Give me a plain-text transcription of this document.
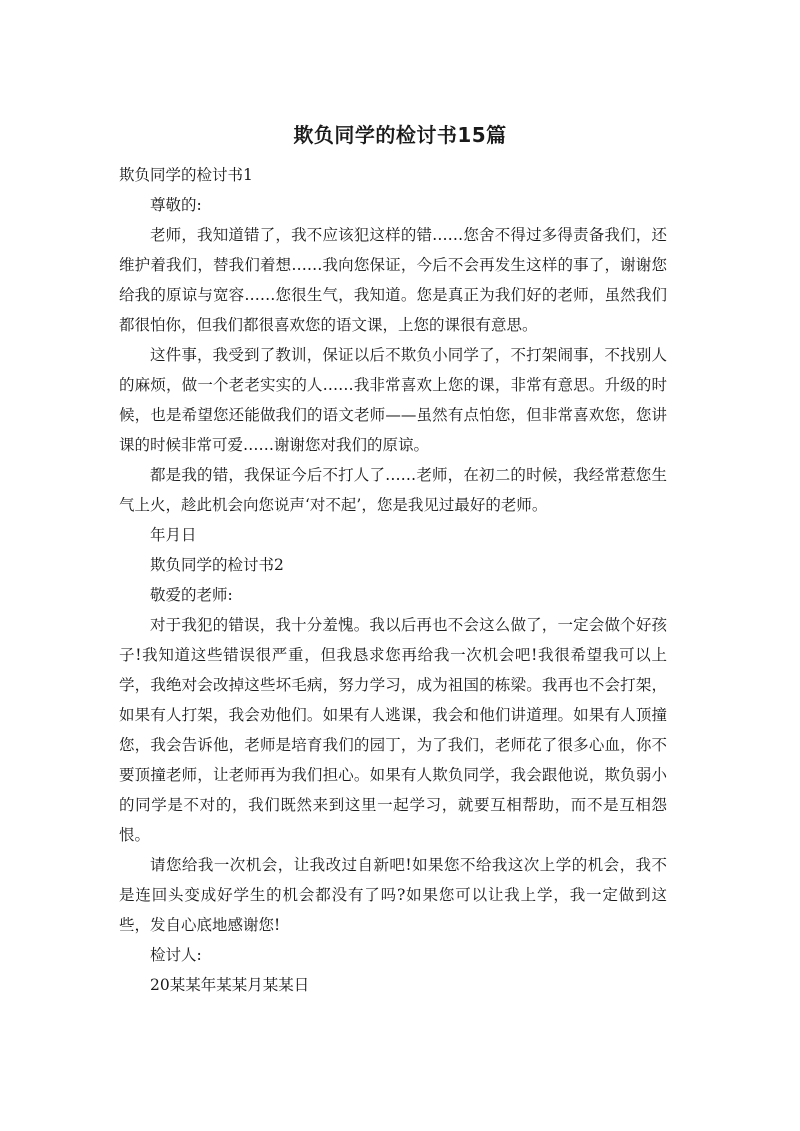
欺负同学的检讨书15篇

欺负同学的检讨书1

尊敬的:

老师，我知道错了，我不应该犯这样的错……您舍不得过多得责备我们，还维护着我们，替我们着想……我向您保证，今后不会再发生这样的事了，谢谢您给我的原谅与宽容……您很生气，我知道。您是真正为我们好的老师，虽然我们都很怕你，但我们都很喜欢您的语文课，上您的课很有意思。

这件事，我受到了教训，保证以后不欺负小同学了，不打架闹事，不找别人的麻烦，做一个老老实实的人……我非常喜欢上您的课，非常有意思。升级的时候，也是希望您还能做我们的语文老师——虽然有点怕您，但非常喜欢您，您讲课的时候非常可爱……谢谢您对我们的原谅。

都是我的错，我保证今后不打人了……老师，在初二的时候，我经常惹您生气上火，趁此机会向您说声‘对不起’，您是我见过最好的老师。

年月日

欺负同学的检讨书2

敬爱的老师:

对于我犯的错误，我十分羞愧。我以后再也不会这么做了，一定会做个好孩子!我知道这些错误很严重，但我恳求您再给我一次机会吧!我很希望我可以上学，我绝对会改掉这些坏毛病，努力学习，成为祖国的栋梁。我再也不会打架，如果有人打架，我会劝他们。如果有人逃课，我会和他们讲道理。如果有人顶撞您，我会告诉他，老师是培育我们的园丁，为了我们，老师花了很多心血，你不要顶撞老师，让老师再为我们担心。如果有人欺负同学，我会跟他说，欺负弱小的同学是不对的，我们既然来到这里一起学习，就要互相帮助，而不是互相怨恨。

请您给我一次机会，让我改过自新吧!如果您不给我这次上学的机会，我不是连回头变成好学生的机会都没有了吗?如果您可以让我上学，我一定做到这些，发自心底地感谢您!

检讨人:

20某某年某某月某某日
